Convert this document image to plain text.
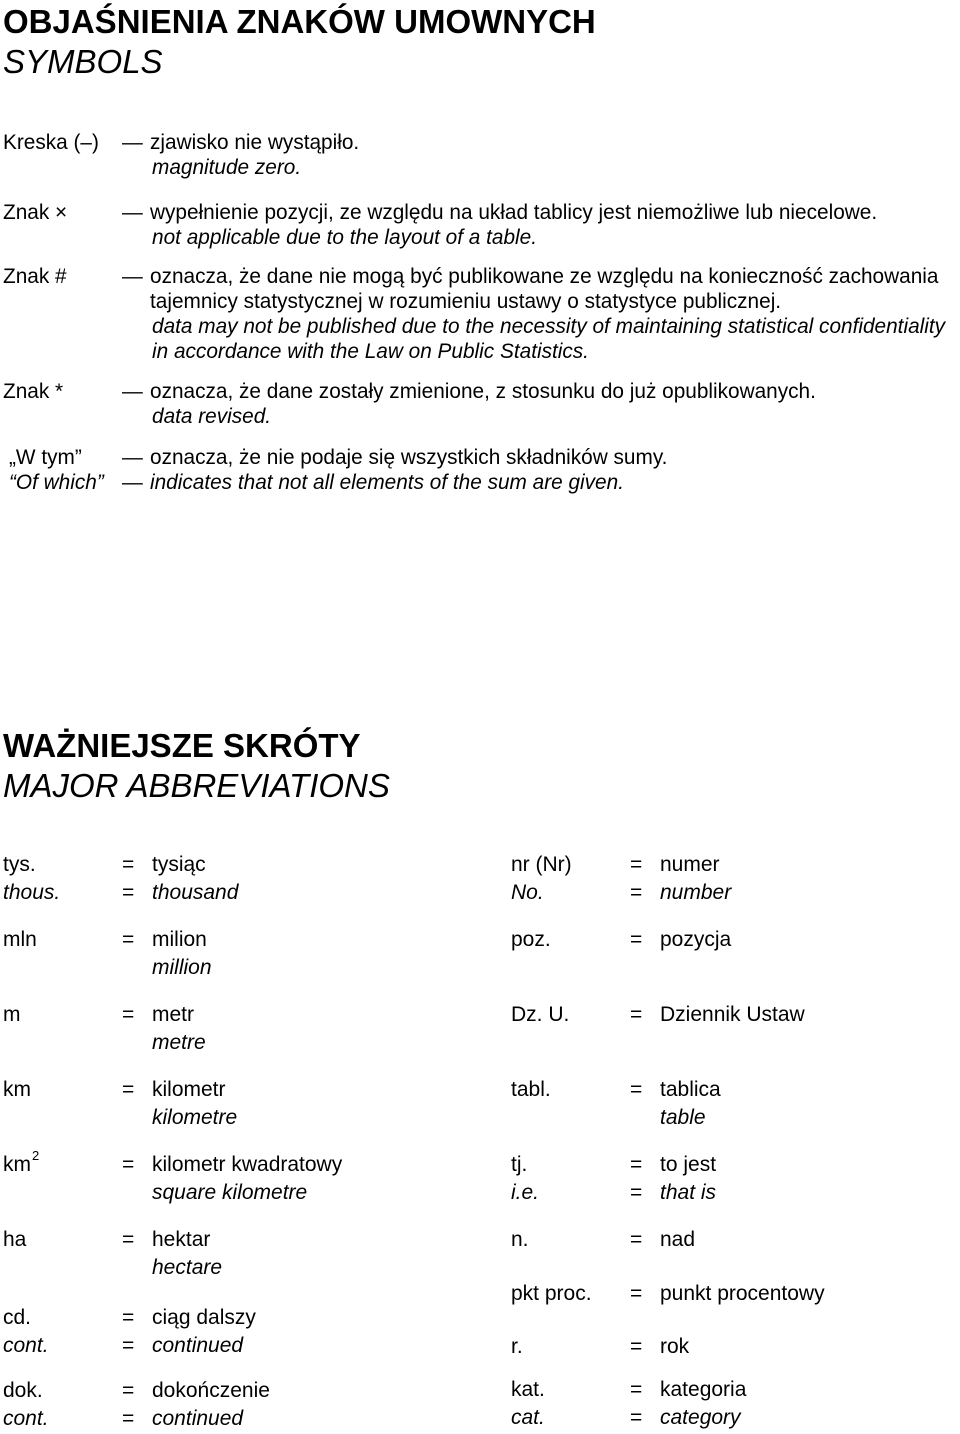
OBJAŚNIENIA ZNAKÓW UMOWNYCH
SYMBOLS
Kreska (–) — zjawisko nie wystąpiło.
magnitude zero.
Znak ×	— wypełnienie pozycji, ze względu na układ tablicy jest niemożliwe lub niecelowe.
not applicable due to the layout of a table.
Znak #	— oznacza, że dane nie mogą być publikowane ze względu na konieczność zachowania
tajemnicy statystycznej w rozumieniu ustawy o statystyce publicznej.
data may not be published due to the necessity of maintaining statistical confidentiality
in accordance with the Law on Public Statistics.
Znak *	— oznacza, że dane zostały zmienione, z stosunku do już opublikowanych.
data revised.
„W tym” — oznacza, że nie podaje się wszystkich składników sumy.
“Of which” — indicates that not all elements of the sum are given.
WAŻNIEJSZE SKRÓTY
MAJOR ABBREVIATIONS
tys.	= tysiąc
thous.	= thousand
mln	= milion
million
m	= metr
metre
km	= kilometr
kilometre
$km^2$	= kilometr kwadratowy
square kilometre
ha	= hektar
hectare
cd.	= ciąg dalszy
cont.	= continued
dok.	= dokończenie
cont.	= continued
nr (Nr)	= numer
No.	= number
poz.	= pozycja
Dz. U.	= Dziennik Ustaw
tabl.	= tablica
table
tj.	= to jest
i.e.	= that is
n.	= nad
pkt proc. = punkt procentowy
r.	= rok
kat.	= kategoria
cat.	= category
